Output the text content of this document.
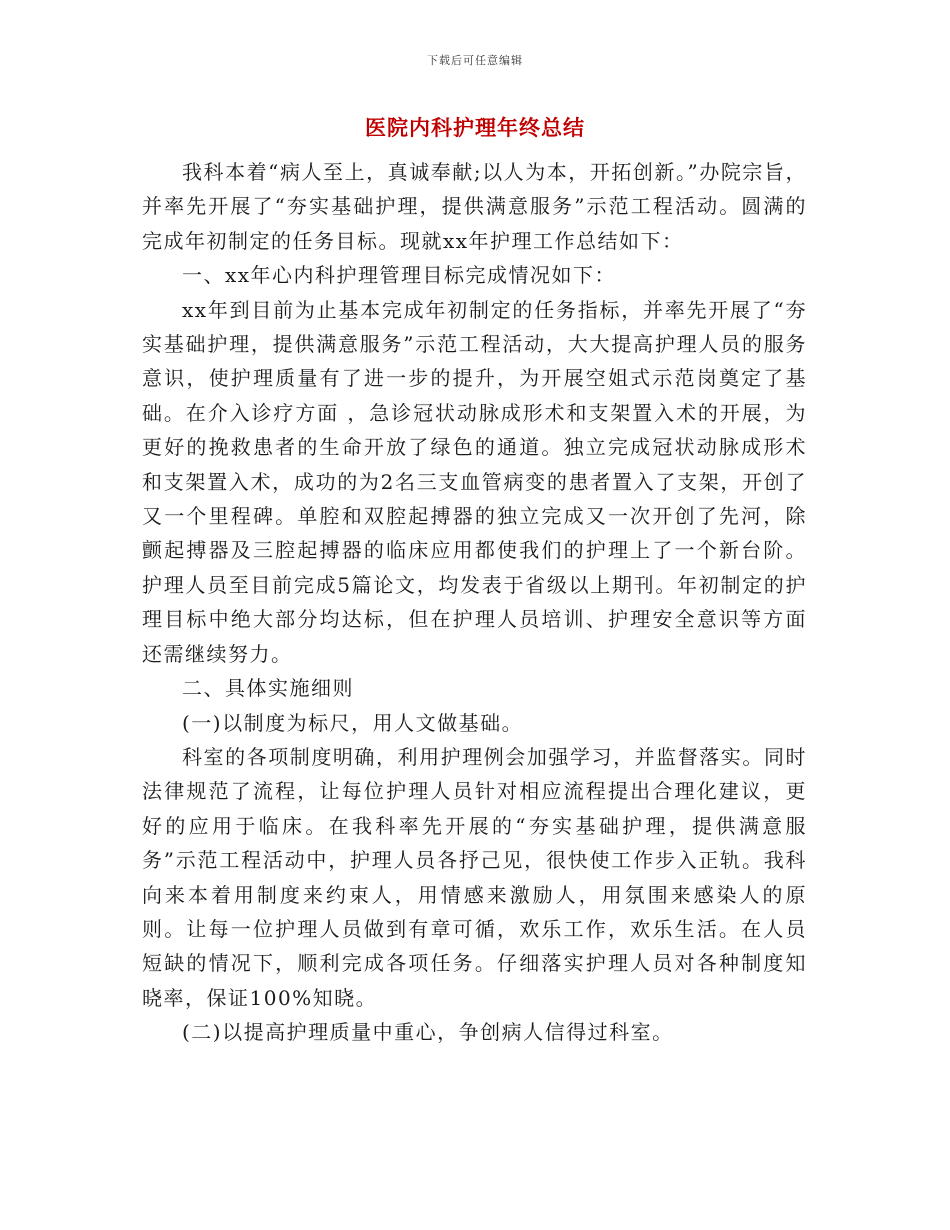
下载后可任意编辑
医院内科护理年终总结

我科本着“病人至上，真诚奉献;以人为本，开拓创新。”办院宗旨，并率先开展了“夯实基础护理，提供满意服务”示范工程活动。圆满的完成年初制定的任务目标。现就xx年护理工作总结如下：

一、xx年心内科护理管理目标完成情况如下：

xx年到目前为止基本完成年初制定的任务指标，并率先开展了“夯实基础护理，提供满意服务”示范工程活动，大大提高护理人员的服务意识，使护理质量有了进一步的提升，为开展空姐式示范岗奠定了基础。在介入诊疗方面 ，急诊冠状动脉成形术和支架置入术的开展，为更好的挽救患者的生命开放了绿色的通道。独立完成冠状动脉成形术和支架置入术，成功的为2名三支血管病变的患者置入了支架，开创了又一个里程碑。单腔和双腔起搏器的独立完成又一次开创了先河，除颤起搏器及三腔起搏器的临床应用都使我们的护理上了一个新台阶。护理人员至目前完成5篇论文，均发表于省级以上期刊。年初制定的护理目标中绝大部分均达标，但在护理人员培训、护理安全意识等方面还需继续努力。

二、具体实施细则

(一)以制度为标尺，用人文做基础。

科室的各项制度明确，利用护理例会加强学习，并监督落实。同时法律规范了流程，让每位护理人员针对相应流程提出合理化建议，更好的应用于临床。在我科率先开展的“夯实基础护理，提供满意服务”示范工程活动中，护理人员各抒己见，很快使工作步入正轨。我科向来本着用制度来约束人，用情感来激励人，用氛围来感染人的原则。让每一位护理人员做到有章可循，欢乐工作，欢乐生活。在人员短缺的情况下，顺利完成各项任务。仔细落实护理人员对各种制度知晓率，保证100%知晓。

(二)以提高护理质量中重心，争创病人信得过科室。
